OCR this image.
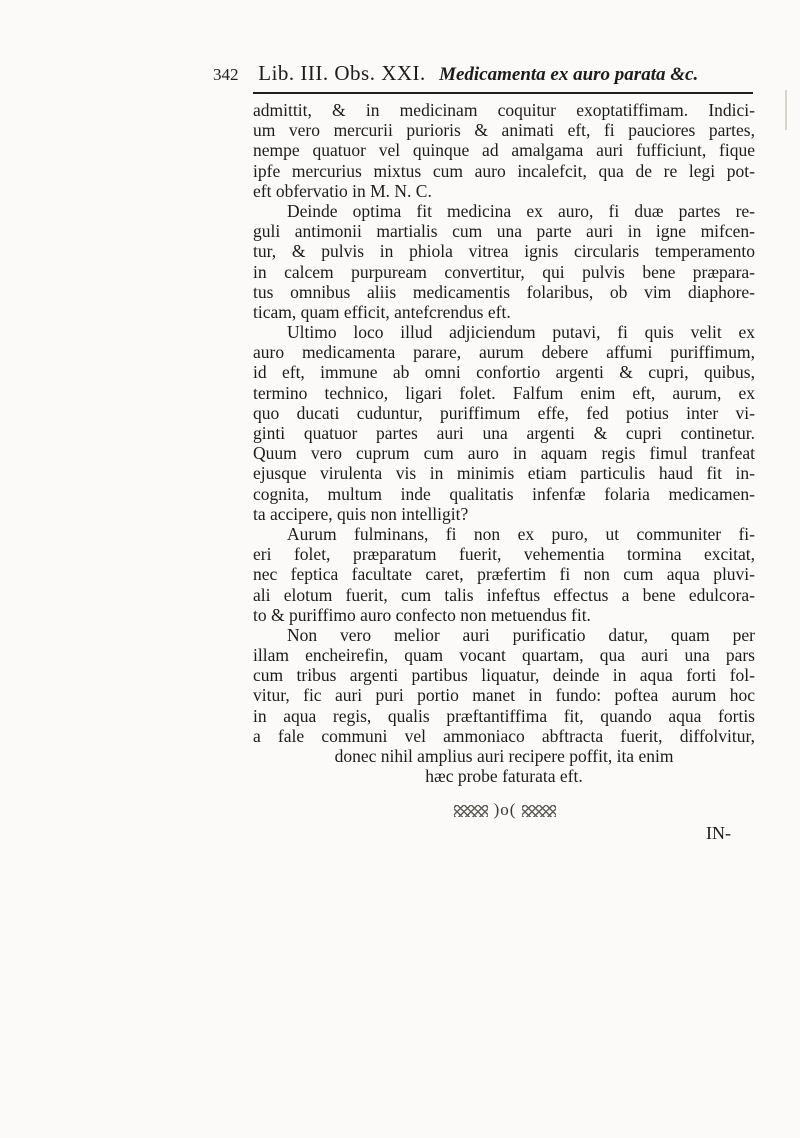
342 Lib. III. Obs. XXI. Medicamenta ex auro parata &c.
admittit, & in medicinam coquitur exoptatiffimam. Indici-
um vero mercurii purioris & animati eft, fi pauciores partes,
nempe quatuor vel quinque ad amalgama auri fufficiunt, fique
ipfe mercurius mixtus cum auro incalefcit, qua de re legi pot-
eft obfervatio in M. N. C.
Deinde optima fit medicina ex auro, fi duæ partes re-
guli antimonii martialis cum una parte auri in igne mifcen-
tur, & pulvis in phiola vitrea ignis circularis temperamento
in calcem purpuream convertitur, qui pulvis bene præpara-
tus omnibus aliis medicamentis folaribus, ob vim diaphore-
ticam, quam efficit, antefcrendus eft.
Ultimo loco illud adjiciendum putavi, fi quis velit ex
auro medicamenta parare, aurum debere affumi puriffimum,
id eft, immune ab omni confortio argenti & cupri, quibus,
termino technico, ligari folet. Falfum enim eft, aurum, ex
quo ducati cuduntur, puriffimum effe, fed potius inter vi-
ginti quatuor partes auri una argenti & cupri continetur.
Quum vero cuprum cum auro in aquam regis fimul tranfeat
ejusque virulenta vis in minimis etiam particulis haud fit in-
cognita, multum inde qualitatis infenfæ folaria medicamen-
ta accipere, quis non intelligit?
Aurum fulminans, fi non ex puro, ut communiter fi-
eri folet, præparatum fuerit, vehementia tormina excitat,
nec feptica facultate caret, præfertim fi non cum aqua pluvi-
ali elotum fuerit, cum talis infeftus effectus a bene edulcora-
to & puriffimo auro confecto non metuendus fit.
Non vero melior auri purificatio datur, quam per
illam encheirefin, quam vocant quartam, qua auri una pars
cum tribus argenti partibus liquatur, deinde in aqua forti fol-
vitur, fic auri puri portio manet in fundo: poftea aurum hoc
in aqua regis, qualis præftantiffima fit, quando aqua fortis
a fale communi vel ammoniaco abftracta fuerit, diffolvitur,
donec nihil amplius auri recipere poffit, ita enim
hæc probe faturata eft.
)o(
IN-
